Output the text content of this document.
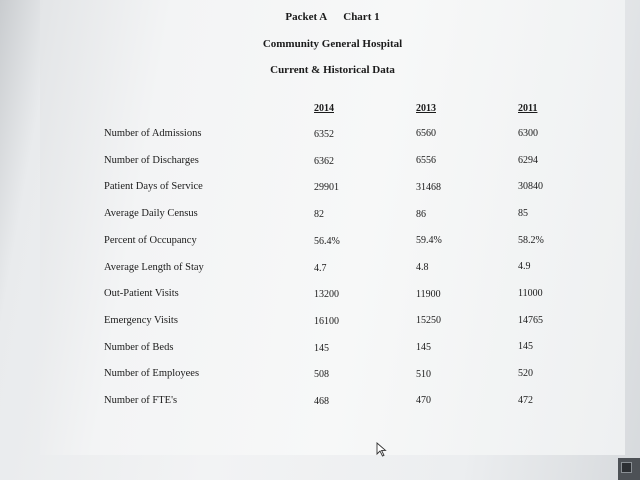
Packet A Chart 1
Community General Hospital
Current & Historical Data
2014	2013	2011
Number of Admissions	6352	6560	6300
Number of Discharges	6362	6556	6294
Patient Days of Service	29901	31468	30840
Average Daily Census	82	86	85
Percent of Occupancy	56.4%	59.4%	58.2%
Average Length of Stay	4.7	4.8	4.9
Out-Patient Visits	13200	11900	11000
Emergency Visits	16100	15250	14765
Number of Beds	145	145	145
Number of Employees	508	510	520
Number of FTE's	468	470	472
